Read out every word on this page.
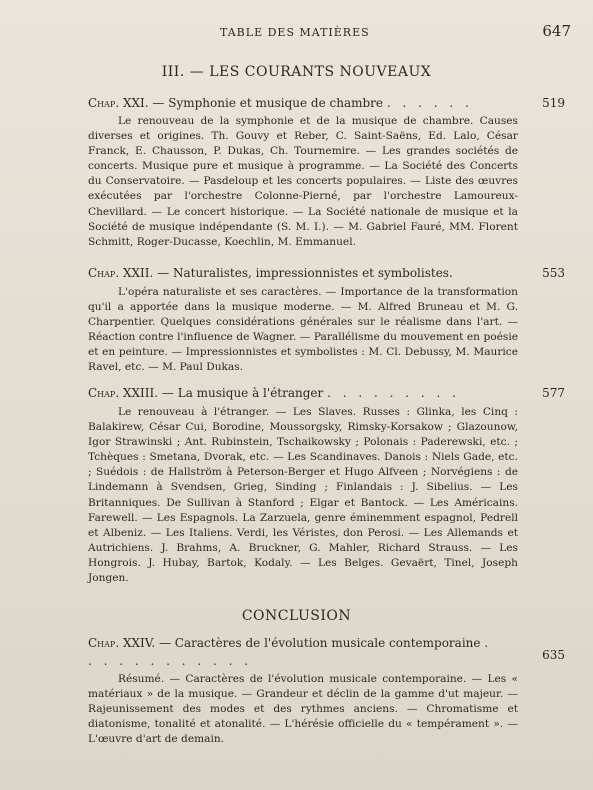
TABLE DES MATIÈRES	647
III. — LES COURANTS NOUVEAUX
Chap. XXI. — Symphonie et musique de chambre . . . . . .	519
Le renouveau de la symphonie et de la musique de chambre. Causes diverses et origines. Th. Gouvy et Reber, C. Saint-Saëns, Ed. Lalo, César Franck, E. Chausson, P. Dukas, Ch. Tournemire. — Les grandes sociétés de concerts. Musique pure et musique à programme. — La Société des Concerts du Conservatoire. — Pasdeloup et les concerts populaires. — Liste des œuvres exécutées par l'orchestre Colonne-Pierné, par l'orchestre Lamoureux-Chevillard. — Le concert historique. — La Société nationale de musique et la Société de musique indépendante (S. M. I.). — M. Gabriel Fauré, MM. Florent Schmitt, Roger-Ducasse, Koechlin, M. Emmanuel.
Chap. XXII. — Naturalistes, impressionnistes et symbolistes.	553
L'opéra naturaliste et ses caractères. — Importance de la transformation qu'il a apportée dans la musique moderne. — M. Alfred Bruneau et M. G. Charpentier. Quelques considérations générales sur le réalisme dans l'art. — Réaction contre l'influence de Wagner. — Parallélisme du mouvement en poésie et en peinture. — Impressionnistes et symbolistes : M. Cl. Debussy, M. Maurice Ravel, etc. — M. Paul Dukas.
Chap. XXIII. — La musique à l'étranger . . . . . . . . .	577
Le renouveau à l'étranger. — Les Slaves. Russes : Glinka, les Cinq : Balakirew, César Cui, Borodine, Moussorgsky, Rimsky-Korsakow ; Glazounow, Igor Strawinski ; Ant. Rubinstein, Tschaikowsky ; Polonais : Paderewski, etc. ; Tchèques : Smetana, Dvorak, etc. — Les Scandinaves. Danois : Niels Gade, etc. ; Suédois : de Hallström à Peterson-Berger et Hugo Alfveen ; Norvégiens : de Lindemann à Svendsen, Grieg, Sinding ; Finlandais : J. Sibelius. — Les Britanniques. De Sullivan à Stanford ; Elgar et Bantock. — Les Américains. Farewell. — Les Espagnols. La Zarzuela, genre éminemment espagnol, Pedrell et Albeniz. — Les Italiens. Verdi, les Véristes, don Perosi. — Les Allemands et Autrichiens. J. Brahms, A. Bruckner, G. Mahler, Richard Strauss. — Les Hongrois. J. Hubay, Bartok, Kodaly. — Les Belges. Gevaërt, Tinel, Joseph Jongen.
CONCLUSION
Chap. XXIV. — Caractères de l'évolution musicale contemporaine . . . . . . . . . . . .	635
Résumé. — Caractères de l'évolution musicale contemporaine. — Les « matériaux » de la musique. — Grandeur et déclin de la gamme d'ut majeur. — Rajeunissement des modes et des rythmes anciens. — Chromatisme et diatonisme, tonalité et atonalité. — L'hérésie officielle du « tempérament ». — L'œuvre d'art de demain.
